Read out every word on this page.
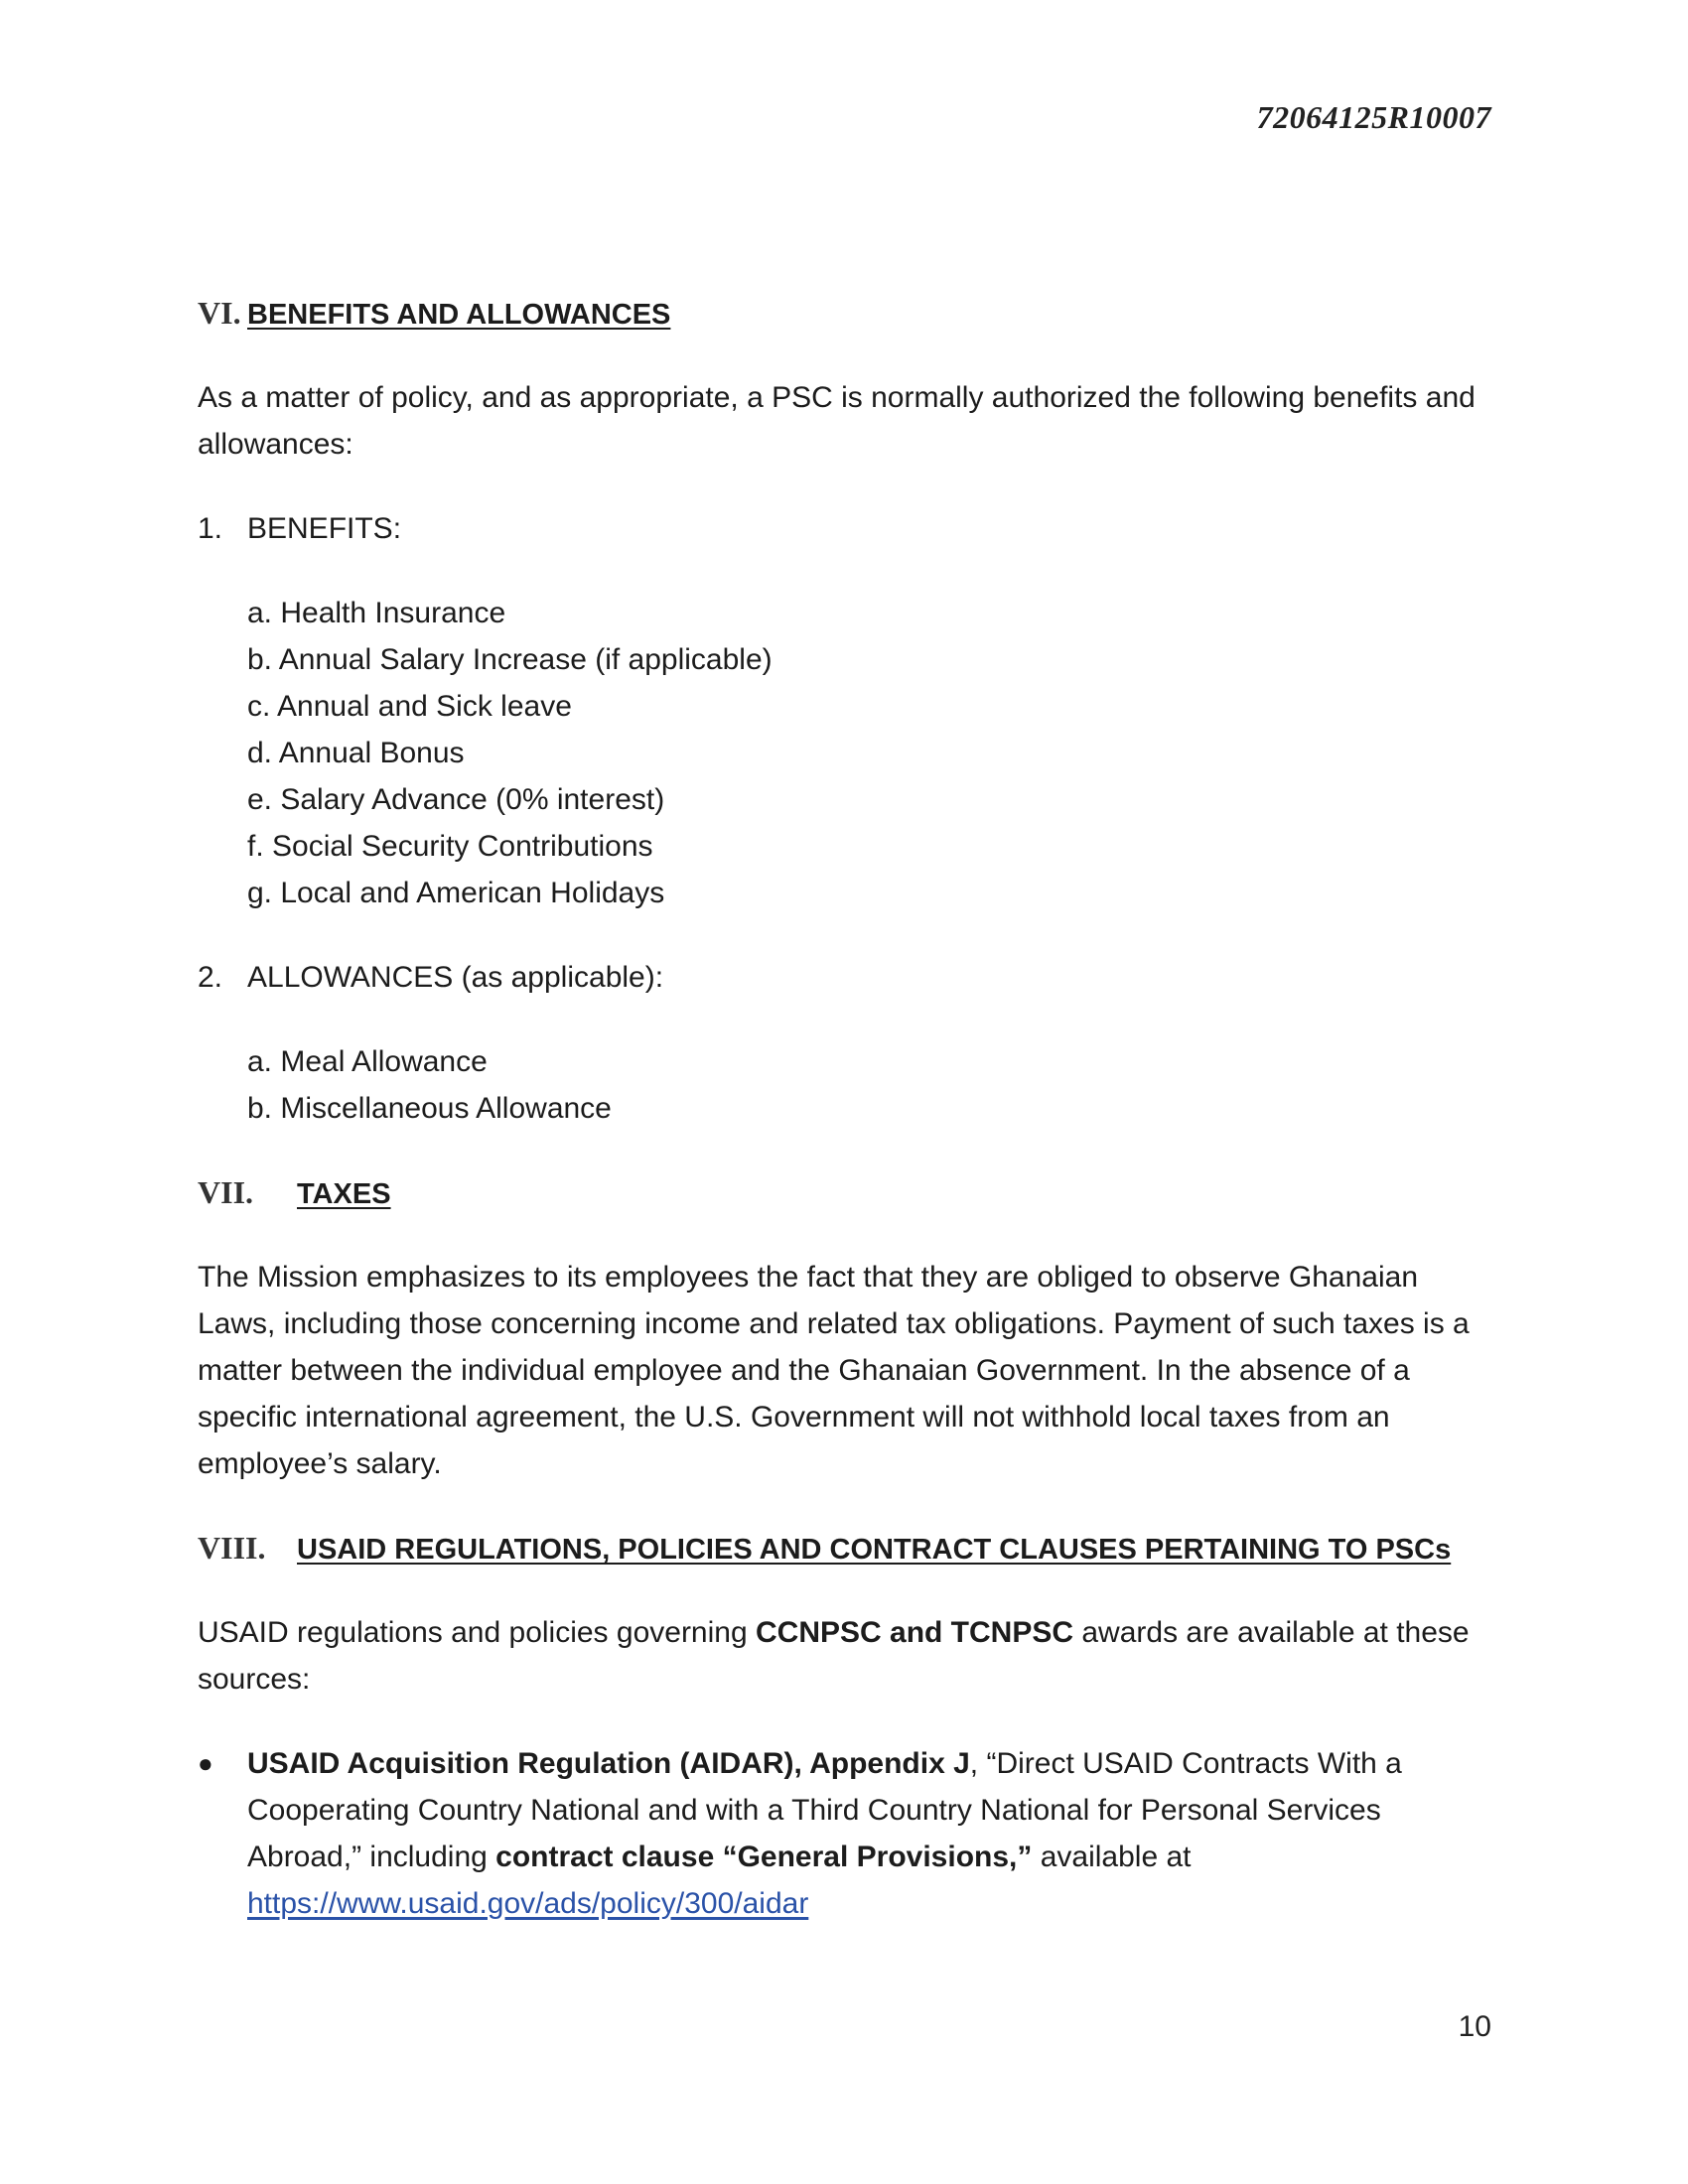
72064125R10007
VI. BENEFITS AND ALLOWANCES

As a matter of policy, and as appropriate, a PSC is normally authorized the following benefits and allowances:

1. BENEFITS:
a. Health Insurance
b. Annual Salary Increase (if applicable)
c. Annual and Sick leave
d. Annual Bonus
e. Salary Advance (0% interest)
f. Social Security Contributions
g. Local and American Holidays
2. ALLOWANCES (as applicable):
a. Meal Allowance
b. Miscellaneous Allowance
VII.	TAXES

The Mission emphasizes to its employees the fact that they are obliged to observe Ghanaian Laws, including those concerning income and related tax obligations. Payment of such taxes is a matter between the individual employee and the Ghanaian Government. In the absence of a specific international agreement, the U.S. Government will not withhold local taxes from an employee’s salary.

VIII.	USAID REGULATIONS, POLICIES AND CONTRACT CLAUSES PERTAINING TO PSCs

USAID regulations and policies governing CCNPSC and TCNPSC awards are available at these sources:

●	USAID Acquisition Regulation (AIDAR), Appendix J, “Direct USAID Contracts With a Cooperating Country National and with a Third Country National for Personal Services Abroad,” including contract clause “General Provisions,” available at
https://www.usaid.gov/ads/policy/300/aidar
10
